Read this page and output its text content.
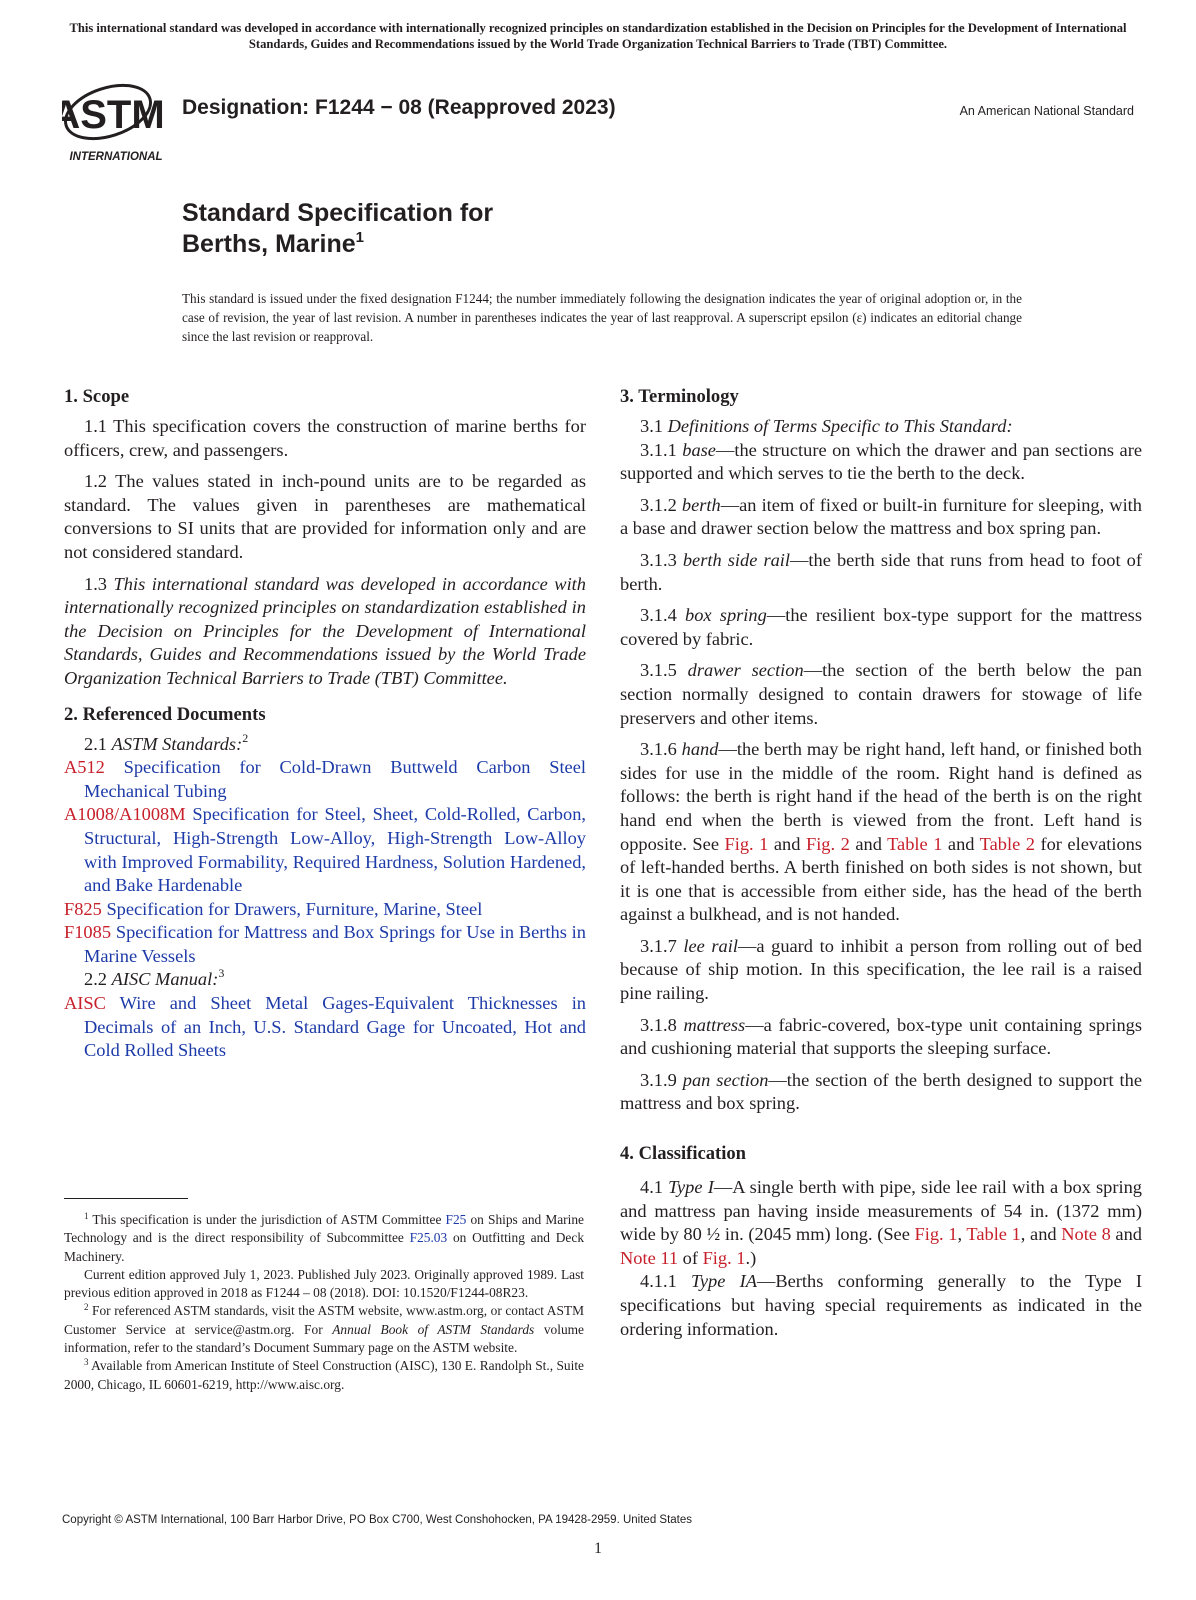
This international standard was developed in accordance with internationally recognized principles on standardization established in the Decision on Principles for the Development of International Standards, Guides and Recommendations issued by the World Trade Organization Technical Barriers to Trade (TBT) Committee.
ASTM
INTERNATIONAL
Designation: F1244 − 08 (Reapproved 2023)	An American National Standard
Standard Specification for
Berths, Marine$^1$
This standard is issued under the fixed designation F1244; the number immediately following the designation indicates the year of original adoption or, in the case of revision, the year of last revision. A number in parentheses indicates the year of last reapproval. A superscript epsilon (ε) indicates an editorial change since the last revision or reapproval.
1. Scope

1.1 This specification covers the construction of marine berths for officers, crew, and passengers.

1.2 The values stated in inch-pound units are to be regarded as standard. The values given in parentheses are mathematical conversions to SI units that are provided for information only and are not considered standard.

1.3 This international standard was developed in accordance with internationally recognized principles on standardization established in the Decision on Principles for the Development of International Standards, Guides and Recommendations issued by the World Trade Organization Technical Barriers to Trade (TBT) Committee.

2. Referenced Documents

2.1 ASTM Standards:$^2$

A512 Specification for Cold-Drawn Buttweld Carbon Steel Mechanical Tubing

A1008/A1008M Specification for Steel, Sheet, Cold-Rolled, Carbon, Structural, High-Strength Low-Alloy, High-Strength Low-Alloy with Improved Formability, Required Hardness, Solution Hardened, and Bake Hardenable

F825 Specification for Drawers, Furniture, Marine, Steel

F1085 Specification for Mattress and Box Springs for Use in Berths in Marine Vessels

2.2 AISC Manual:$^3$

AISC Wire and Sheet Metal Gages-Equivalent Thicknesses in Decimals of an Inch, U.S. Standard Gage for Uncoated, Hot and Cold Rolled Sheets

3. Terminology

3.1 Definitions of Terms Specific to This Standard:

3.1.1 base—the structure on which the drawer and pan sections are supported and which serves to tie the berth to the deck.

3.1.2 berth—an item of fixed or built-in furniture for sleeping, with a base and drawer section below the mattress and box spring pan.

3.1.3 berth side rail—the berth side that runs from head to foot of berth.

3.1.4 box spring—the resilient box-type support for the mattress covered by fabric.

3.1.5 drawer section—the section of the berth below the pan section normally designed to contain drawers for stowage of life preservers and other items.

3.1.6 hand—the berth may be right hand, left hand, or finished both sides for use in the middle of the room. Right hand is defined as follows: the berth is right hand if the head of the berth is on the right hand end when the berth is viewed from the front. Left hand is opposite. See Fig. 1 and Fig. 2 and Table 1 and Table 2 for elevations of left-handed berths. A berth finished on both sides is not shown, but it is one that is accessible from either side, has the head of the berth against a bulkhead, and is not handed.

3.1.7 lee rail—a guard to inhibit a person from rolling out of bed because of ship motion. In this specification, the lee rail is a raised pine railing.

3.1.8 mattress—a fabric-covered, box-type unit containing springs and cushioning material that supports the sleeping surface.

3.1.9 pan section—the section of the berth designed to support the mattress and box spring.

4. Classification

4.1 Type I—A single berth with pipe, side lee rail with a box spring and mattress pan having inside measurements of 54 in. (1372 mm) wide by 80 ½ in. (2045 mm) long. (See Fig. 1, Table 1, and Note 8 and Note 11 of Fig. 1.)

4.1.1 Type IA—Berths conforming generally to the Type I specifications but having special requirements as indicated in the ordering information.

$^1$ This specification is under the jurisdiction of ASTM Committee F25 on Ships and Marine Technology and is the direct responsibility of Subcommittee F25.03 on Outfitting and Deck Machinery.

Current edition approved July 1, 2023. Published July 2023. Originally approved 1989. Last previous edition approved in 2018 as F1244 – 08 (2018). DOI: 10.1520/F1244-08R23.

$^2$ For referenced ASTM standards, visit the ASTM website, www.astm.org, or contact ASTM Customer Service at service@astm.org. For Annual Book of ASTM Standards volume information, refer to the standard’s Document Summary page on the ASTM website.

$^3$ Available from American Institute of Steel Construction (AISC), 130 E. Randolph St., Suite 2000, Chicago, IL 60601-6219, http://www.aisc.org.

Copyright © ASTM International, 100 Barr Harbor Drive, PO Box C700, West Conshohocken, PA 19428-2959. United States
1
